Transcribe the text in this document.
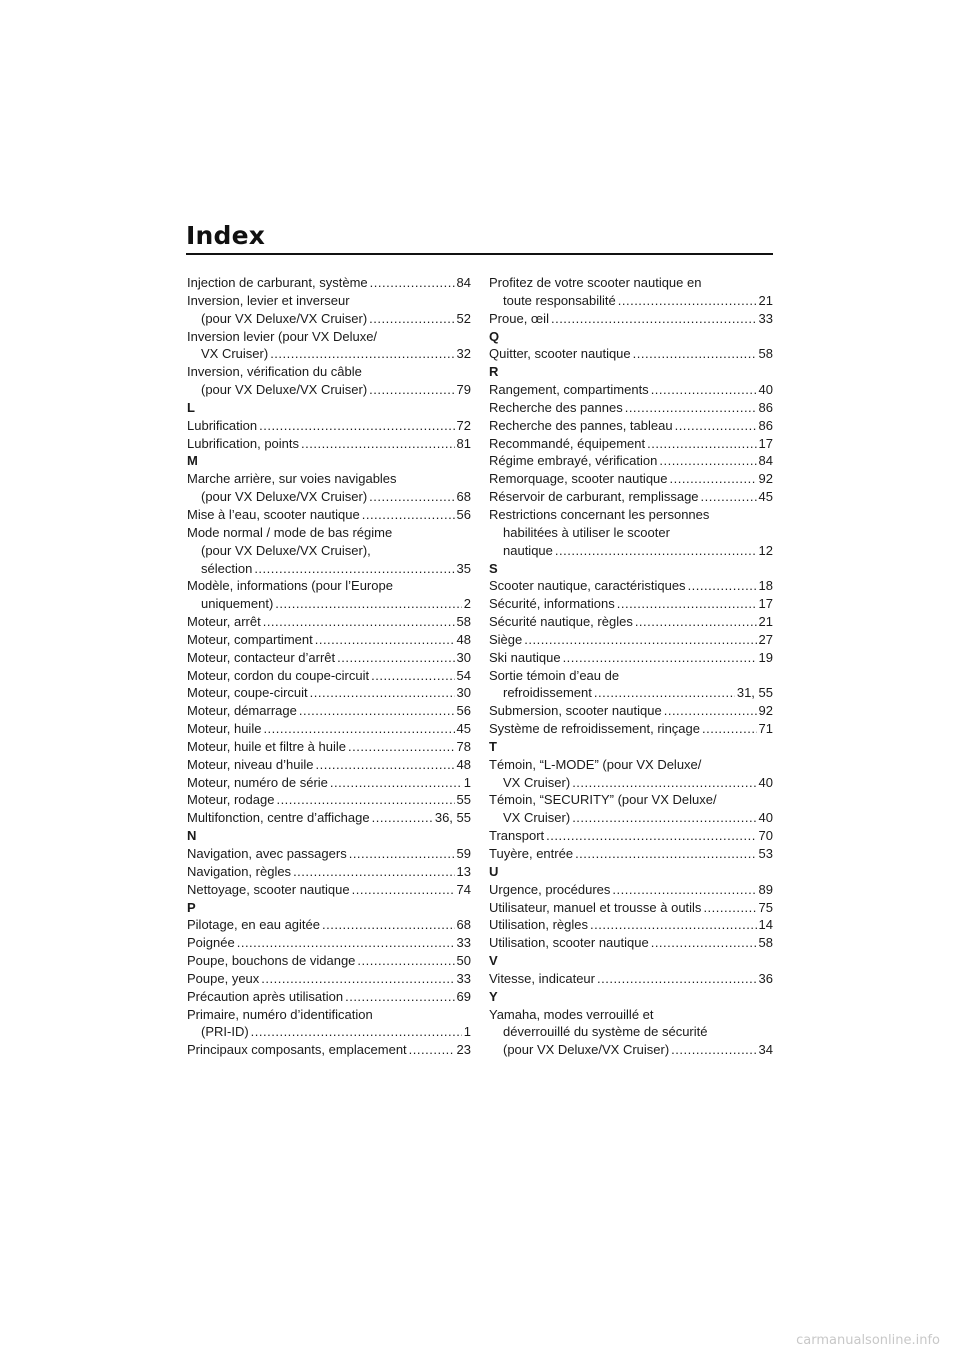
Index
Injection de carburant, système .....	84
Inversion, levier et inverseur
(pour VX Deluxe/VX Cruiser) .....	52
Inversion levier (pour VX Deluxe/
VX Cruiser) .....	32
Inversion, vérification du câble
(pour VX Deluxe/VX Cruiser) .....	79
L
Lubrification .....	72
Lubrification, points .....	81
M
Marche arrière, sur voies navigables
(pour VX Deluxe/VX Cruiser) .....	68
Mise à l’eau, scooter nautique .....	56
Mode normal / mode de bas régime
(pour VX Deluxe/VX Cruiser),
sélection .....	35
Modèle, informations (pour l’Europe
uniquement) .....	2
Moteur, arrêt .....	58
Moteur, compartiment .....	48
Moteur, contacteur d’arrêt .....	30
Moteur, cordon du coupe-circuit .....	54
Moteur, coupe-circuit .....	30
Moteur, démarrage .....	56
Moteur, huile .....	45
Moteur, huile et filtre à huile .....	78
Moteur, niveau d’huile .....	48
Moteur, numéro de série .....	1
Moteur, rodage .....	55
Multifonction, centre d’affichage .....	36, 55
N
Navigation, avec passagers .....	59
Navigation, règles .....	13
Nettoyage, scooter nautique .....	74
P
Pilotage, en eau agitée .....	68
Poignée .....	33
Poupe, bouchons de vidange .....	50
Poupe, yeux .....	33
Précaution après utilisation .....	69
Primaire, numéro d’identification
(PRI-ID) .....	1
Principaux composants, emplacement .....	23
Profitez de votre scooter nautique en
toute responsabilité .....	21
Proue, œil .....	33
Q
Quitter, scooter nautique .....	58
R
Rangement, compartiments .....	40
Recherche des pannes .....	86
Recherche des pannes, tableau .....	86
Recommandé, équipement .....	17
Régime embrayé, vérification .....	84
Remorquage, scooter nautique .....	92
Réservoir de carburant, remplissage .....	45
Restrictions concernant les personnes
habilitées à utiliser le scooter
nautique .....	12
S
Scooter nautique, caractéristiques .....	18
Sécurité, informations .....	17
Sécurité nautique, règles .....	21
Siège .....	27
Ski nautique .....	19
Sortie témoin d’eau de
refroidissement .....	31, 55
Submersion, scooter nautique .....	92
Système de refroidissement, rinçage .....	71
T
Témoin, “L-MODE” (pour VX Deluxe/
VX Cruiser) .....	40
Témoin, “SECURITY” (pour VX Deluxe/
VX Cruiser) .....	40
Transport .....	70
Tuyère, entrée .....	53
U
Urgence, procédures .....	89
Utilisateur, manuel et trousse à outils .....	75
Utilisation, règles .....	14
Utilisation, scooter nautique .....	58
V
Vitesse, indicateur .....	36
Y
Yamaha, modes verrouillé et
déverrouillé du système de sécurité
(pour VX Deluxe/VX Cruiser) .....	34
carmanualsonline.info
